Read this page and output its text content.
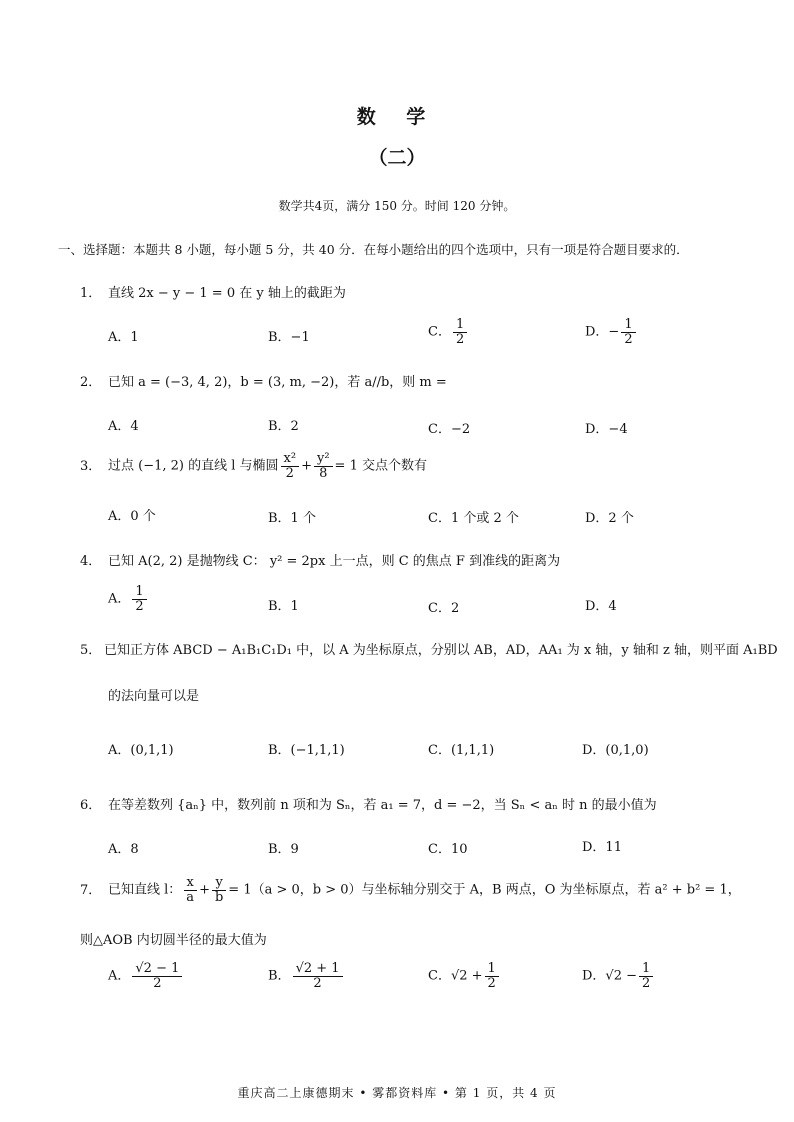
数 学
（二）
数学共4页，满分 150 分。时间 120 分钟。
一、选择题：本题共 8 小题，每小题 5 分，共 40 分．在每小题给出的四个选项中，只有一项是符合题目要求的．
1． 直线 2x − y − 1 = 0 在 y 轴上的截距为
A．1	B．−1	C． $\frac{1}{2}$	D．− $\frac{1}{2}$
2． 已知 a = (−3, 4, 2)，b = (3, m, −2)，若 a//b，则 m =
A．4	B．2	C．−2	D．−4
3． 过点 (−1, 2) 的直线 l 与椭圆 $\frac{\text{x²}}{2} + \frac{\text{y²}}{8} = 1$ 交点个数有
A．0 个	B．1 个	C．1 个或 2 个	D．2 个
4． 已知 A(2, 2) 是抛物线 C： y² = 2px 上一点，则 C 的焦点 F 到准线的距离为
A． $\frac{1}{2}$	B．1	C．2	D．4
5． 已知正方体 ABCD − A₁B₁C₁D₁ 中，以 A 为坐标原点，分别以 AB，AD，AA₁ 为 x 轴，y 轴和 z 轴，则平面 A₁BD
的法向量可以是
A．(0,1,1)	B．(−1,1,1)	C．(1,1,1)	D．(0,1,0)
6． 在等差数列 {aₙ} 中，数列前 n 项和为 Sₙ，若 a₁ = 7，d = −2，当 Sₙ < aₙ 时 n 的最小值为
A．8	B．9	C．10	D．11
7． 已知直线 l： $\frac{x}{a} + \frac{y}{b} = 1(a > 0$，b > 0）与坐标轴分别交于 A，B 两点，O 为坐标原点，若 a² + b² = 1，
则△AOB 内切圆半径的最大值为
A． $\frac{√2 - 1}{2}$	B． $\frac{√2 + 1}{2}$	C．$√2 + \frac{1}{2}$	D．$√2 - \frac{1}{2}$
重庆高二上康德期末 • 雾都资料库 • 第 1 页，共 4 页
